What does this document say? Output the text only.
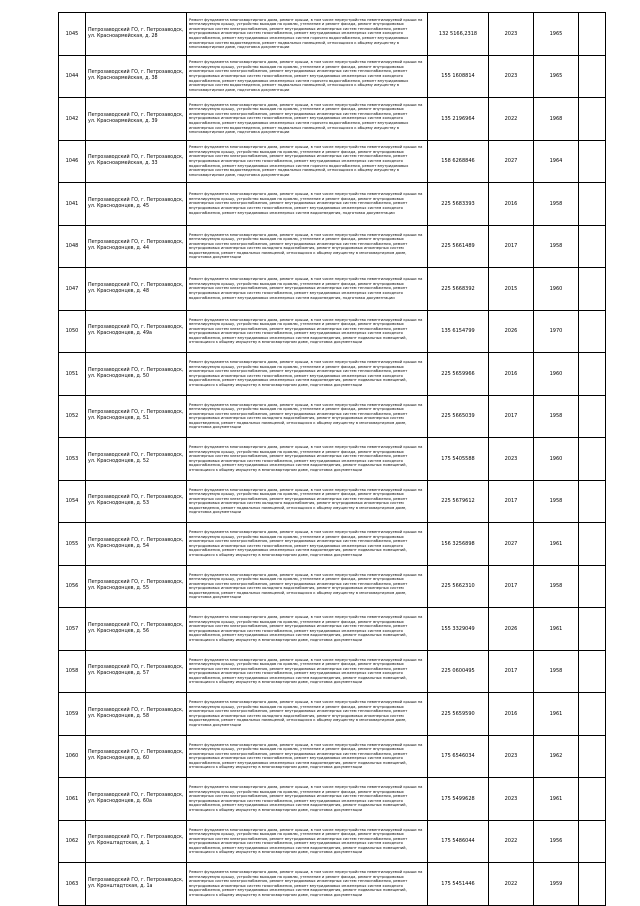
1045	Петрозаводский ГО, г. Петрозаводск, ул. Красноармейская, д. 28	Ремонт фундамента многоквартирного дома, ремонт крыши, в том числе переустройство невентилируемой крыши на вентилируемую крышу, устройство выходов на кровлю, утепление и ремонт фасада, ремонт внутридомовых инженерных систем электроснабжения, ремонт внутридомовых инженерных систем теплоснабжения, ремонт внутридомовых инженерных систем газоснабжения, ремонт внутридомовых инженерных систем холодного водоснабжения, ремонт внутридомовых инженерных систем горячего водоснабжения, ремонт внутридомовых инженерных систем водоотведения, ремонт подвальных помещений, относящихся к общему имуществу в многоквартирном доме, подготовка документации	132 5166,2318	2023	1965	
1044	Петрозаводский ГО, г. Петрозаводск, ул. Красноармейская, д. 38	Ремонт фундамента многоквартирного дома, ремонт крыши, в том числе переустройство невентилируемой крыши на вентилируемую крышу, устройство выходов на кровлю, утепление и ремонт фасада, ремонт внутридомовых инженерных систем электроснабжения, ремонт внутридомовых инженерных систем теплоснабжения, ремонт внутридомовых инженерных систем газоснабжения, ремонт внутридомовых инженерных систем холодного водоснабжения, ремонт внутридомовых инженерных систем горячего водоснабжения, ремонт внутридомовых инженерных систем водоотведения, ремонт подвальных помещений, относящихся к общему имуществу в многоквартирном доме, подготовка документации	155 1608814	2023	1965	
1042	Петрозаводский ГО, г. Петрозаводск, ул. Красноармейская, д. 39	Ремонт фундамента многоквартирного дома, ремонт крыши, в том числе переустройство невентилируемой крыши на вентилируемую крышу, устройство выходов на кровлю, утепление и ремонт фасада, ремонт внутридомовых инженерных систем электроснабжения, ремонт внутридомовых инженерных систем теплоснабжения, ремонт внутридомовых инженерных систем газоснабжения, ремонт внутридомовых инженерных систем холодного водоснабжения, ремонт внутридомовых инженерных систем горячего водоснабжения, ремонт внутридомовых инженерных систем водоотведения, ремонт подвальных помещений, относящихся к общему имуществу в многоквартирном доме, подготовка документации	135 2196964	2022	1968	
1046	Петрозаводский ГО, г. Петрозаводск, ул. Красноармейская, д. 33	Ремонт фундамента многоквартирного дома, ремонт крыши, в том числе переустройство невентилируемой крыши на вентилируемую крышу, устройство выходов на кровлю, утепление и ремонт фасада, ремонт внутридомовых инженерных систем электроснабжения, ремонт внутридомовых инженерных систем теплоснабжения, ремонт внутридомовых инженерных систем газоснабжения, ремонт внутридомовых инженерных систем холодного водоснабжения, ремонт внутридомовых инженерных систем горячего водоснабжения, ремонт внутридомовых инженерных систем водоотведения, ремонт подвальных помещений, относящихся к общему имуществу в многоквартирном доме, подготовка документации	158 6268846	2027	1964	
1041	Петрозаводский ГО, г. Петрозаводск, ул. Краснодонцев, д. 45	Ремонт фундамента многоквартирного дома, ремонт крыши, в том числе переустройство невентилируемой крыши на вентилируемую крышу, устройство выходов на кровлю, утепление и ремонт фасада, ремонт внутридомовых инженерных систем электроснабжения, ремонт внутридомовых инженерных систем теплоснабжения, ремонт внутридомовых инженерных систем газоснабжения, ремонт внутридомовых инженерных систем холодного водоснабжения, ремонт внутридомовых инженерных систем водоотведения, подготовка документации	225 5683393	2016	1958	
1048	Петрозаводский ГО, г. Петрозаводск, ул. Краснодонцев, д. 44	Ремонт фундамента многоквартирного дома, ремонт крыши, в том числе переустройство невентилируемой крыши на вентилируемую крышу, устройство выходов на кровлю, утепление и ремонт фасада, ремонт внутридомовых инженерных систем электроснабжения, ремонт внутридомовых инженерных систем теплоснабжения, ремонт внутридомовых инженерных систем холодного водоснабжения, ремонт внутридомовых инженерных систем водоотведения, ремонт подвальных помещений, относящихся к общему имуществу в многоквартирном доме, подготовка документации	225 5661489	2017	1958	
1047	Петрозаводский ГО, г. Петрозаводск, ул. Краснодонцев, д. 48	Ремонт фундамента многоквартирного дома, ремонт крыши, в том числе переустройство невентилируемой крыши на вентилируемую крышу, устройство выходов на кровлю, утепление и ремонт фасада, ремонт внутридомовых инженерных систем электроснабжения, ремонт внутридомовых инженерных систем теплоснабжения, ремонт внутридомовых инженерных систем газоснабжения, ремонт внутридомовых инженерных систем холодного водоснабжения, ремонт внутридомовых инженерных систем водоотведения, подготовка документации	225 5668392	2015	1960	
1050	Петрозаводский ГО, г. Петрозаводск, ул. Краснодонцев, д. 49а	Ремонт фундамента многоквартирного дома, ремонт крыши, в том числе переустройство невентилируемой крыши на вентилируемую крышу, устройство выходов на кровлю, утепление и ремонт фасада, ремонт внутридомовых инженерных систем электроснабжения, ремонт внутридомовых инженерных систем теплоснабжения, ремонт внутридомовых инженерных систем газоснабжения, ремонт внутридомовых инженерных систем холодного водоснабжения, ремонт внутридомовых инженерных систем водоотведения, ремонт подвальных помещений, относящихся к общему имуществу в многоквартирном доме, подготовка документации	135 6154799	2026	1970	
1051	Петрозаводский ГО, г. Петрозаводск, ул. Краснодонцев, д. 50	Ремонт фундамента многоквартирного дома, ремонт крыши, в том числе переустройство невентилируемой крыши на вентилируемую крышу, устройство выходов на кровлю, утепление и ремонт фасада, ремонт внутридомовых инженерных систем электроснабжения, ремонт внутридомовых инженерных систем теплоснабжения, ремонт внутридомовых инженерных систем газоснабжения, ремонт внутридомовых инженерных систем холодного водоснабжения, ремонт внутридомовых инженерных систем водоотведения, ремонт подвальных помещений, относящихся к общему имуществу в многоквартирном доме, подготовка документации	225 5659966	2016	1960	
1052	Петрозаводский ГО, г. Петрозаводск, ул. Краснодонцев, д. 51	Ремонт фундамента многоквартирного дома, ремонт крыши, в том числе переустройство невентилируемой крыши на вентилируемую крышу, устройство выходов на кровлю, утепление и ремонт фасада, ремонт внутридомовых инженерных систем электроснабжения, ремонт внутридомовых инженерных систем теплоснабжения, ремонт внутридомовых инженерных систем холодного водоснабжения, ремонт внутридомовых инженерных систем водоотведения, ремонт подвальных помещений, относящихся к общему имуществу в многоквартирном доме, подготовка документации	225 5665039	2017	1958	
1053	Петрозаводский ГО, г. Петрозаводск, ул. Краснодонцев, д. 52	Ремонт фундамента многоквартирного дома, ремонт крыши, в том числе переустройство невентилируемой крыши на вентилируемую крышу, устройство выходов на кровлю, утепление и ремонт фасада, ремонт внутридомовых инженерных систем электроснабжения, ремонт внутридомовых инженерных систем теплоснабжения, ремонт внутридомовых инженерных систем газоснабжения, ремонт внутридомовых инженерных систем холодного водоснабжения, ремонт внутридомовых инженерных систем водоотведения, ремонт подвальных помещений, относящихся к общему имуществу в многоквартирном доме, подготовка документации	175 5405588	2023	1960	
1054	Петрозаводский ГО, г. Петрозаводск, ул. Краснодонцев, д. 53	Ремонт фундамента многоквартирного дома, ремонт крыши, в том числе переустройство невентилируемой крыши на вентилируемую крышу, устройство выходов на кровлю, утепление и ремонт фасада, ремонт внутридомовых инженерных систем электроснабжения, ремонт внутридомовых инженерных систем теплоснабжения, ремонт внутридомовых инженерных систем холодного водоснабжения, ремонт внутридомовых инженерных систем водоотведения, ремонт подвальных помещений, относящихся к общему имуществу в многоквартирном доме, подготовка документации	225 5679612	2017	1958	
1055	Петрозаводский ГО, г. Петрозаводск, ул. Краснодонцев, д. 54	Ремонт фундамента многоквартирного дома, ремонт крыши, в том числе переустройство невентилируемой крыши на вентилируемую крышу, устройство выходов на кровлю, утепление и ремонт фасада, ремонт внутридомовых инженерных систем электроснабжения, ремонт внутридомовых инженерных систем теплоснабжения, ремонт внутридомовых инженерных систем газоснабжения, ремонт внутридомовых инженерных систем холодного водоснабжения, ремонт внутридомовых инженерных систем водоотведения, ремонт подвальных помещений, относящихся к общему имуществу в многоквартирном доме, подготовка документации	156 3256898	2027	1961	
1056	Петрозаводский ГО, г. Петрозаводск, ул. Краснодонцев, д. 55	Ремонт фундамента многоквартирного дома, ремонт крыши, в том числе переустройство невентилируемой крыши на вентилируемую крышу, устройство выходов на кровлю, утепление и ремонт фасада, ремонт внутридомовых инженерных систем электроснабжения, ремонт внутридомовых инженерных систем теплоснабжения, ремонт внутридомовых инженерных систем холодного водоснабжения, ремонт внутридомовых инженерных систем водоотведения, ремонт подвальных помещений, относящихся к общему имуществу в многоквартирном доме, подготовка документации	225 5662310	2017	1958	
1057	Петрозаводский ГО, г. Петрозаводск, ул. Краснодонцев, д. 56	Ремонт фундамента многоквартирного дома, ремонт крыши, в том числе переустройство невентилируемой крыши на вентилируемую крышу, устройство выходов на кровлю, утепление и ремонт фасада, ремонт внутридомовых инженерных систем электроснабжения, ремонт внутридомовых инженерных систем теплоснабжения, ремонт внутридомовых инженерных систем газоснабжения, ремонт внутридомовых инженерных систем холодного водоснабжения, ремонт внутридомовых инженерных систем водоотведения, ремонт подвальных помещений, относящихся к общему имуществу в многоквартирном доме, подготовка документации	155 3329049	2026	1961	
1058	Петрозаводский ГО, г. Петрозаводск, ул. Краснодонцев, д. 57	Ремонт фундамента многоквартирного дома, ремонт крыши, в том числе переустройство невентилируемой крыши на вентилируемую крышу, устройство выходов на кровлю, утепление и ремонт фасада, ремонт внутридомовых инженерных систем электроснабжения, ремонт внутридомовых инженерных систем теплоснабжения, ремонт внутридомовых инженерных систем газоснабжения, ремонт внутридомовых инженерных систем холодного водоснабжения, ремонт внутридомовых инженерных систем водоотведения, ремонт подвальных помещений, относящихся к общему имуществу в многоквартирном доме, подготовка документации	225 0600495	2017	1958	
1059	Петрозаводский ГО, г. Петрозаводск, ул. Краснодонцев, д. 58	Ремонт фундамента многоквартирного дома, ремонт крыши, в том числе переустройство невентилируемой крыши на вентилируемую крышу, устройство выходов на кровлю, утепление и ремонт фасада, ремонт внутридомовых инженерных систем электроснабжения, ремонт внутридомовых инженерных систем теплоснабжения, ремонт внутридомовых инженерных систем холодного водоснабжения, ремонт внутридомовых инженерных систем водоотведения, ремонт подвальных помещений, относящихся к общему имуществу в многоквартирном доме, подготовка документации	225 5659590	2016	1961	
1060	Петрозаводский ГО, г. Петрозаводск, ул. Краснодонцев, д. 60	Ремонт фундамента многоквартирного дома, ремонт крыши, в том числе переустройство невентилируемой крыши на вентилируемую крышу, устройство выходов на кровлю, утепление и ремонт фасада, ремонт внутридомовых инженерных систем электроснабжения, ремонт внутридомовых инженерных систем теплоснабжения, ремонт внутридомовых инженерных систем газоснабжения, ремонт внутридомовых инженерных систем холодного водоснабжения, ремонт внутридомовых инженерных систем водоотведения, ремонт подвальных помещений, относящихся к общему имуществу в многоквартирном доме, подготовка документации	175 6546034	2023	1962	
1061	Петрозаводский ГО, г. Петрозаводск, ул. Краснодонцев, д. 60а	Ремонт фундамента многоквартирного дома, ремонт крыши, в том числе переустройство невентилируемой крыши на вентилируемую крышу, устройство выходов на кровлю, утепление и ремонт фасада, ремонт внутридомовых инженерных систем электроснабжения, ремонт внутридомовых инженерных систем теплоснабжения, ремонт внутридомовых инженерных систем газоснабжения, ремонт внутридомовых инженерных систем холодного водоснабжения, ремонт внутридомовых инженерных систем водоотведения, ремонт подвальных помещений, относящихся к общему имуществу в многоквартирном доме, подготовка документации	175 5499628	2023	1961	
1062	Петрозаводский ГО, г. Петрозаводск, ул. Кронштадтская, д. 1	Ремонт фундамента многоквартирного дома, ремонт крыши, в том числе переустройство невентилируемой крыши на вентилируемую крышу, устройство выходов на кровлю, утепление и ремонт фасада, ремонт внутридомовых инженерных систем электроснабжения, ремонт внутридомовых инженерных систем теплоснабжения, ремонт внутридомовых инженерных систем газоснабжения, ремонт внутридомовых инженерных систем холодного водоснабжения, ремонт внутридомовых инженерных систем водоотведения, ремонт подвальных помещений, относящихся к общему имуществу в многоквартирном доме, подготовка документации	175 5486044	2022	1956	
1063	Петрозаводский ГО, г. Петрозаводск, ул. Кронштадтская, д. 1а	Ремонт фундамента многоквартирного дома, ремонт крыши, в том числе переустройство невентилируемой крыши на вентилируемую крышу, устройство выходов на кровлю, утепление и ремонт фасада, ремонт внутридомовых инженерных систем электроснабжения, ремонт внутридомовых инженерных систем теплоснабжения, ремонт внутридомовых инженерных систем газоснабжения, ремонт внутридомовых инженерных систем холодного водоснабжения, ремонт внутридомовых инженерных систем водоотведения, ремонт подвальных помещений, относящихся к общему имуществу в многоквартирном доме, подготовка документации	175 5451446	2022	1959	
